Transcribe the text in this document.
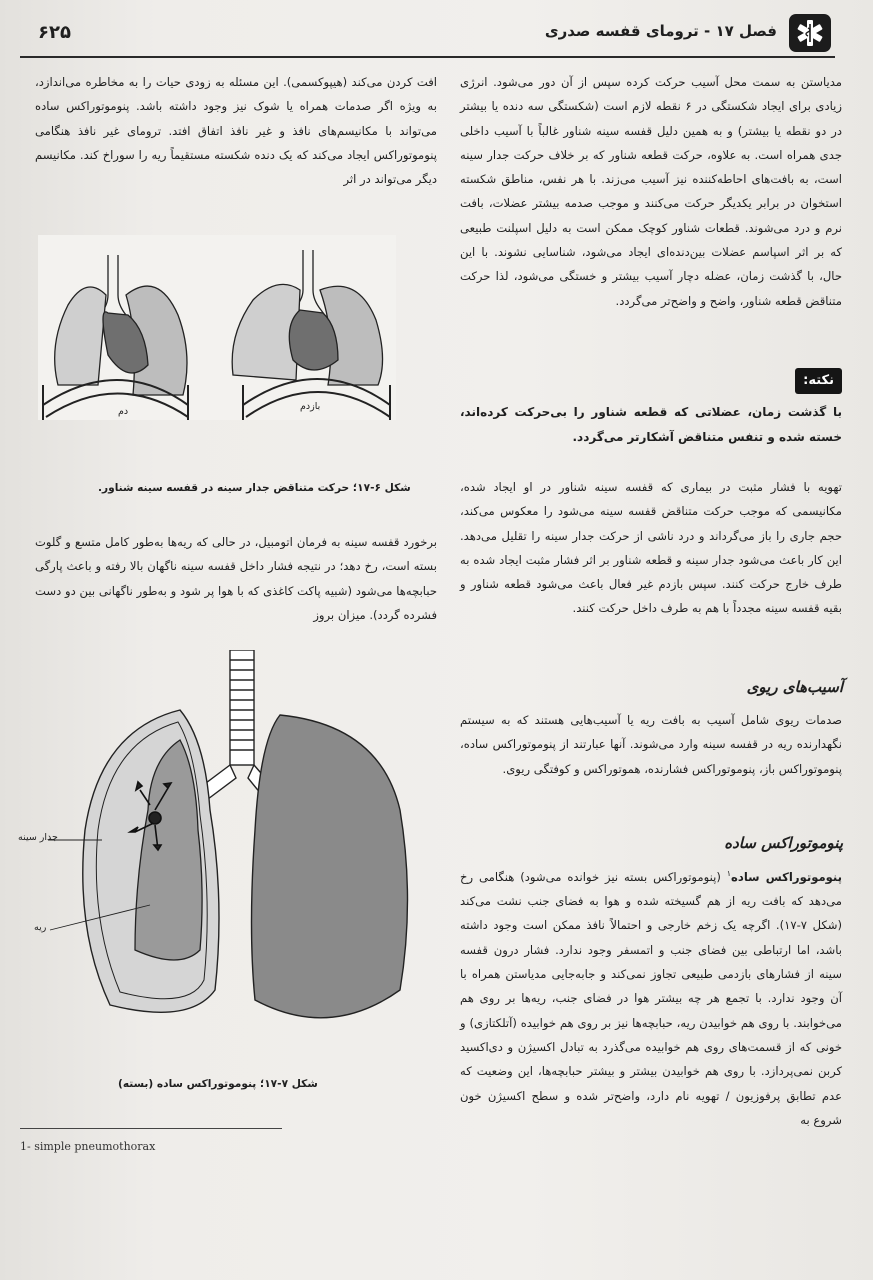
فصل ۱۷ - ترومای قفسه صدری
۶۲۵

مدیاستن به سمت محل آسیب حرکت کرده سپس از آن دور می‌شود. انرژی زیادی برای ایجاد شکستگی در ۶ نقطه لازم است (شکستگی سه دنده یا بیشتر در دو نقطه یا بیشتر) و به همین دلیل قفسه سینه شناور غالباً با آسیب داخلی جدی همراه است. به علاوه، حرکت قطعه شناور که بر خلاف حرکت جدار سینه است، به بافت‌های احاطه‌کننده نیز آسیب می‌زند. با هر نفس، مناطق شکسته استخوان در برابر یکدیگر حرکت می‌کنند و موجب صدمه بیشتر عضلات، بافت نرم و درد می‌شوند. قطعات شناور کوچک ممکن است به دلیل اسپلنت طبیعی که بر اثر اسپاسم عضلات بین‌دنده‌ای ایجاد می‌شود، شناسایی نشوند. با این حال، با گذشت زمان، عضله دچار آسیب بیشتر و خستگی می‌شود، لذا حرکت متناقض قطعه شناور، واضح و واضح‌تر می‌گردد.

نکته:
با گذشت زمان، عضلاتی که قطعه شناور را بی‌حرکت کرده‌اند، خسته شده و تنفس متناقض آشکارتر می‌گردد.

تهویه با فشار مثبت در بیماری که قفسه سینه شناور در او ایجاد شده، مکانیسمی که موجب حرکت متناقض قفسه سینه می‌شود را معکوس می‌کند، حجم جاری را باز می‌گرداند و درد ناشی از حرکت جدار سینه را تقلیل می‌دهد. این کار باعث می‌شود جدار سینه و قطعه شناور بر اثر فشار مثبت ایجاد شده به طرف خارج حرکت کنند. سپس بازدم غیر فعال باعث می‌شود قطعه شناور و بقیه قفسه سینه مجدداً با هم به طرف داخل حرکت کنند.

آسیب‌های ریوی

صدمات ریوی شامل آسیب به بافت ریه یا آسیب‌هایی هستند که به سیستم نگهدارنده ریه در قفسه سینه وارد می‌شوند. آنها عبارتند از پنوموتوراکس ساده، پنوموتوراکس باز، پنوموتوراکس فشارنده، هموتوراکس و کوفتگی ریوی.

پنوموتوراکس ساده

پنوموتوراکس ساده$^۱$ (پنوموتوراکس بسته نیز خوانده می‌شود) هنگامی رخ می‌دهد که بافت ریه از هم گسیخته شده و هوا به فضای جنب نشت می‌کند (شکل ۷-۱۷). اگرچه یک زخم خارجی و احتمالاً نافذ ممکن است وجود داشته باشد، اما ارتباطی بین فضای جنب و اتمسفر وجود ندارد. فشار درون قفسه سینه از فشارهای بازدمی طبیعی تجاوز نمی‌کند و جابه‌جایی مدیاستن همراه با آن وجود ندارد. با تجمع هر چه بیشتر هوا در فضای جنب، ریه‌ها بر روی هم می‌خوابند. با روی هم خوابیدن ریه، حبابچه‌ها نیز بر روی هم خوابیده (آتلکتازی) و خونی که از قسمت‌های روی هم خوابیده می‌گذرد به تبادل اکسیژن و دی‌اکسید کربن نمی‌پردازد. با روی هم خوابیدن بیشتر و بیشتر حبابچه‌ها، این وضعیت که عدم تطابق پرفوزیون / تهویه نام دارد، واضح‌تر شده و سطح اکسیژن خون شروع به

افت کردن می‌کند (هیپوکسمی). این مسئله به زودی حیات را به مخاطره می‌اندازد، به ویژه اگر صدمات همراه یا شوک نیز وجود داشته باشد. پنوموتوراکس ساده می‌تواند با مکانیسم‌های نافذ و غیر نافذ اتفاق افتد. ترومای غیر نافذ هنگامی پنوموتوراکس ایجاد می‌کند که یک دنده شکسته مستقیماً ریه را سوراخ کند. مکانیسم دیگر می‌تواند در اثر

دم	بازدم
شکل ۶-۱۷؛ حرکت متناقض جدار سینه در قفسه سینه شناور.

برخورد قفسه سینه به فرمان اتومبیل، در حالی که ریه‌ها به‌طور کامل متسع و گلوت بسته است، رخ دهد؛ در نتیجه فشار داخل قفسه سینه ناگهان بالا رفته و باعث پارگی حبابچه‌ها می‌شود (شبیه پاکت کاغذی که با هوا پر شود و به‌طور ناگهانی بین دو دست فشرده گردد). میزان بروز

جدار سینه
ریه
شکل ۷-۱۷؛ پنوموتوراکس ساده (بسته)
1- simple pneumothorax
